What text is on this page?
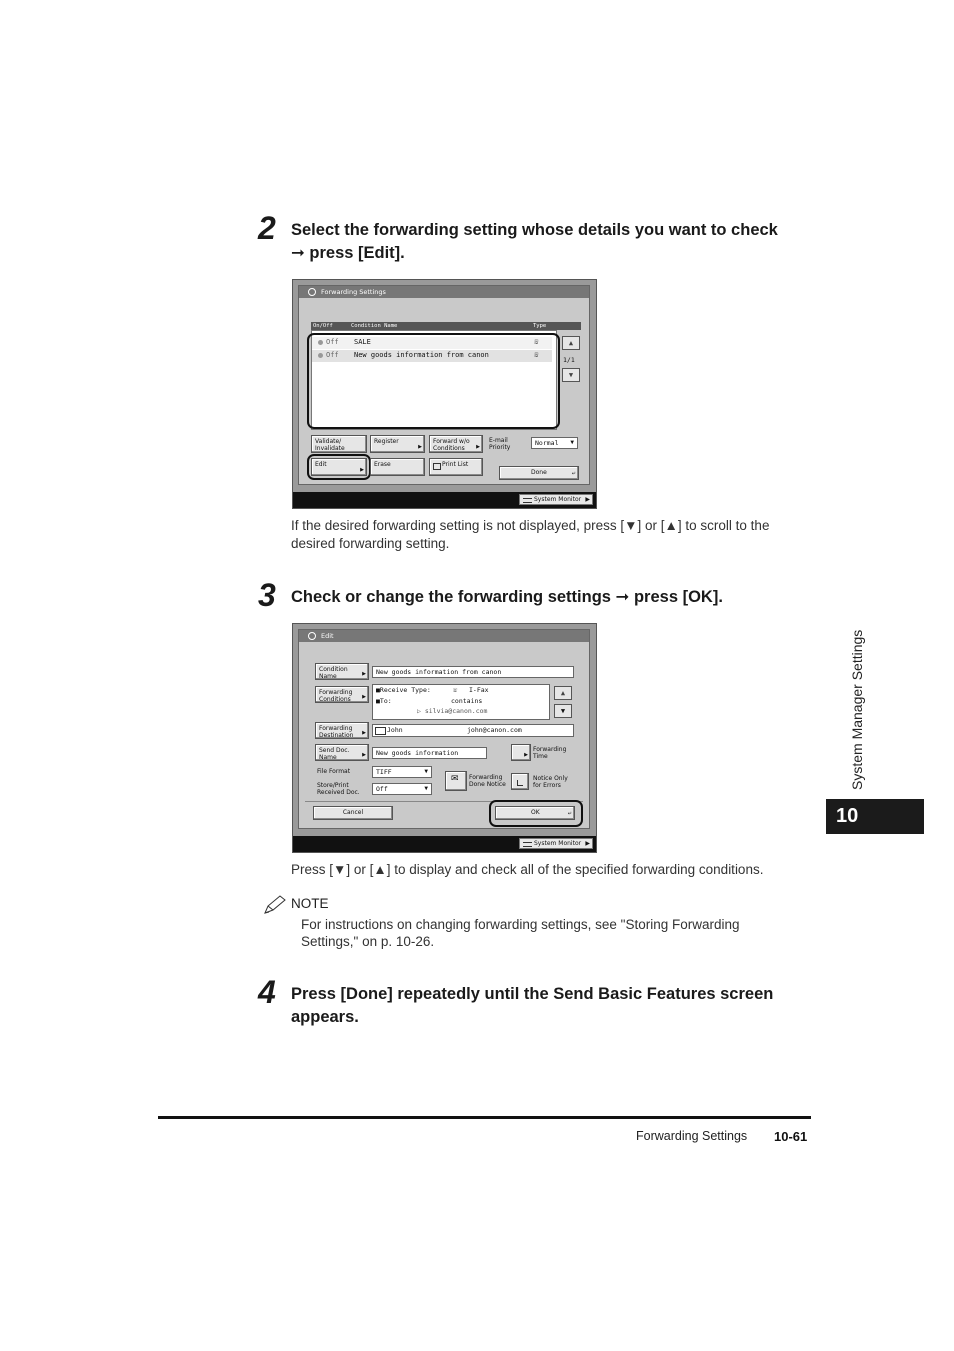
2 Select the forwarding setting whose details you want to check
➞ press [Edit].
Forwarding Settings
On/Off	Condition Name	Type
Off SALE	☏
Off New goods information from canon	☏
▲
1/1
▼
Validate/ Invalidate
Register
▶
Forward w/o Conditions ▶
E-mail Priority
Normal ▼
Edit
▶
Erase	Print List
Done	↵
System Monitor ▶
If the desired forwarding setting is not displayed, press [▼] or [▲] to scroll to the
desired forwarding setting.
3 Check or change the forwarding settings ➞ press [OK].
Edit
Condition Name	▶	New goods information from canon
Forwarding Conditions ▶
■Receive Type:	☏ I-Fax
■To:	contains
▷ silvia@canon.com
▲
▼
Forwarding Destination ▶	John	john@canon.com
Send Doc. Name	▶	New goods information	▶
Forwarding Time
File Format	TIFF	▼
Store/Print Received Doc.	Off	▼
✉ Forwarding Done Notice
Notice Only for Errors
Cancel	OK	↵
System Monitor ▶
Press [▼] or [▲] to display and check all of the specified forwarding conditions.
NOTE
For instructions on changing forwarding settings, see "Storing Forwarding
Settings," on p. 10-26.
4 Press [Done] repeatedly until the Send Basic Features screen
appears.
System Manager Settings
10
Forwarding Settings 10-61
